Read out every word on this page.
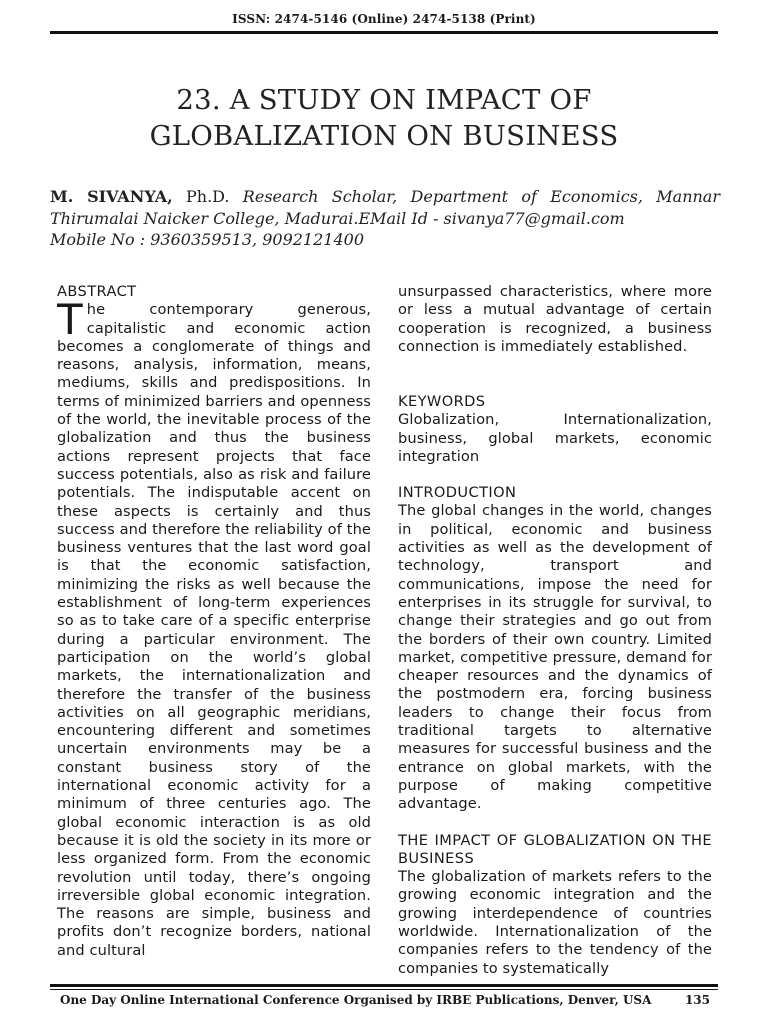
ISSN: 2474-5146 (Online) 2474-5138 (Print)
23. A STUDY ON IMPACT OF
GLOBALIZATION ON BUSINESS
M. SIVANYA, Ph.D. Research Scholar, Department of Economics, Mannar Thirumalai Naicker College, Madurai.EMail Id - sivanya77@gmail.com
Mobile No : 9360359513, 9092121400

ABSTRACT

The contemporary generous, capitalistic and economic action becomes a conglomerate of things and reasons, analysis, information, means, mediums, skills and predispositions. In terms of minimized barriers and openness of the world, the inevitable process of the globalization and thus the business actions represent projects that face success potentials, also as risk and failure potentials. The indisputable accent on these aspects is certainly and thus success and therefore the reliability of the business ventures that the last word goal is that the economic satisfaction, minimizing the risks as well because the establishment of long-term experiences so as to take care of a specific enterprise during a particular environment. The participation on the world’s global markets, the internationalization and therefore the transfer of the business activities on all geographic meridians, encountering different and sometimes uncertain environments may be a constant business story of the international economic activity for a minimum of three centuries ago. The global economic interaction is as old because it is old the society in its more or less organized form. From the economic revolution until today, there’s ongoing irreversible global economic integration. The reasons are simple, business and profits don’t recognize borders, national and cultural

unsurpassed characteristics, where more or less a mutual advantage of certain cooperation is recognized, a business connection is immediately established.

KEYWORDS

Globalization, Internationalization, business, global markets, economic integration

INTRODUCTION

The global changes in the world, changes in political, economic and business activities as well as the development of technology, transport and communications, impose the need for enterprises in its struggle for survival, to change their strategies and go out from the borders of their own country. Limited market, competitive pressure, demand for cheaper resources and the dynamics of the postmodern era, forcing business leaders to change their focus from traditional targets to alternative measures for successful business and the entrance on global markets, with the purpose of making competitive advantage.

THE IMPACT OF GLOBALIZATION ON THE BUSINESS

The globalization of markets refers to the growing economic integration and the growing interdependence of countries worldwide. Internationalization of the companies refers to the tendency of the companies to systematically

One Day Online International Conference Organised by IRBE Publications, Denver, USA	135
